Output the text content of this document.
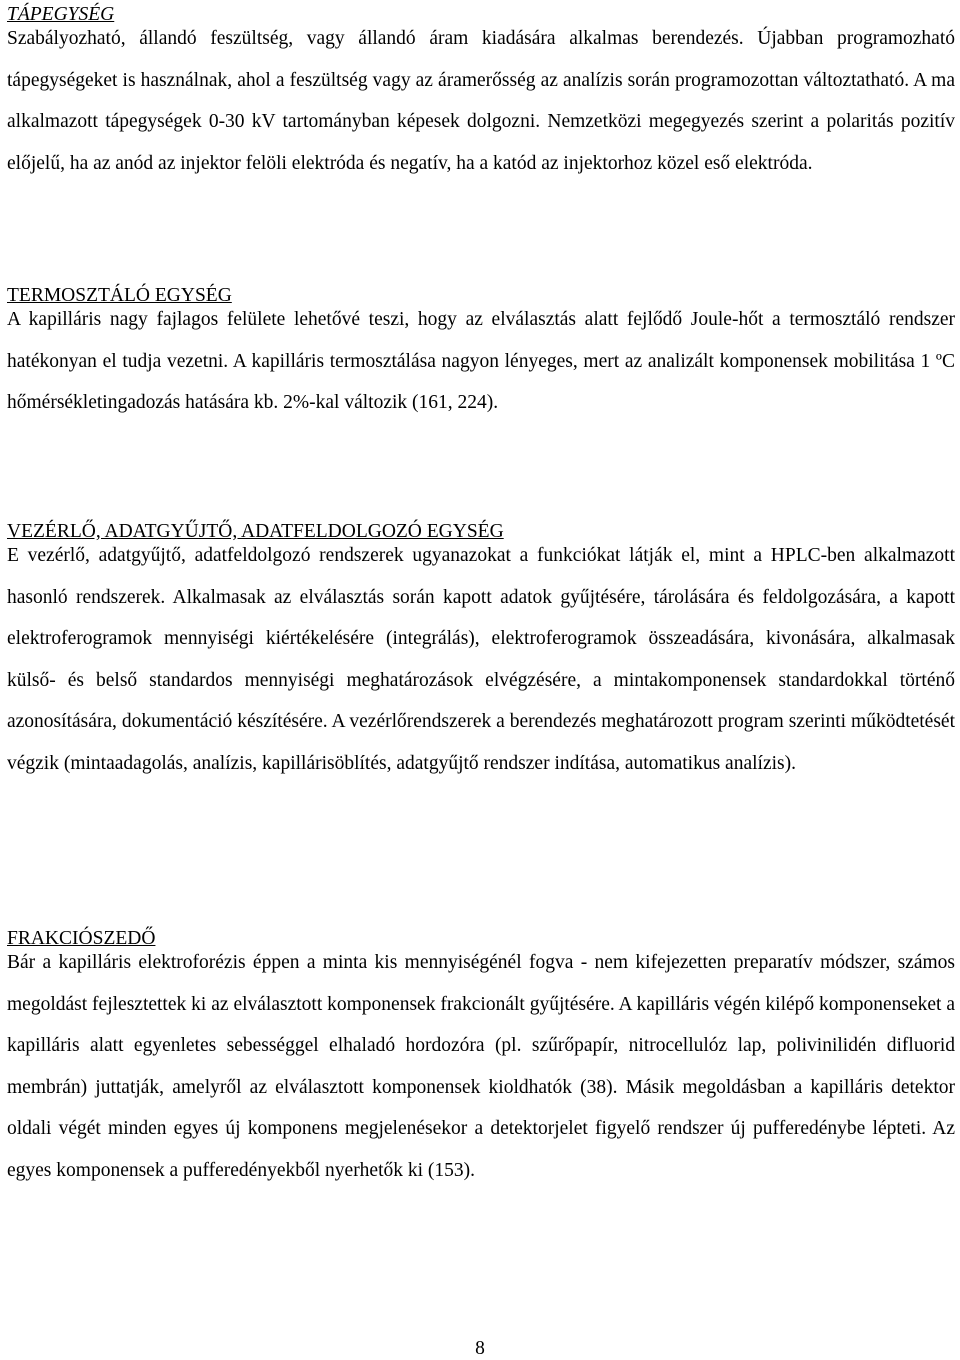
TÁPEGYSÉG

Szabályozható, állandó feszültség, vagy állandó áram kiadására alkalmas berendezés. Újabban programozható tápegységeket is használnak, ahol a feszültség vagy az áramerősség az analízis során programozottan változtatható. A ma alkalmazott tápegységek 0-30 kV tartományban képesek dolgozni. Nemzetközi megegyezés szerint a polaritás pozitív előjelű, ha az anód az injektor felöli elektróda és negatív, ha a katód az injektorhoz közel eső elektróda.

TERMOSZTÁLÓ EGYSÉG

A kapilláris nagy fajlagos felülete lehetővé teszi, hogy az elválasztás alatt fejlődő Joule-hőt a termosztáló rendszer hatékonyan el tudja vezetni. A kapilláris termosztálása nagyon lényeges, mert az analizált komponensek mobilitása 1 ºC hőmérsékletingadozás hatására kb. 2%-kal változik (161, 224).

VEZÉRLŐ, ADATGYŰJTŐ, ADATFELDOLGOZÓ EGYSÉG

E vezérlő, adatgyűjtő, adatfeldolgozó rendszerek ugyanazokat a funkciókat látják el, mint a HPLC-ben alkalmazott hasonló rendszerek. Alkalmasak az elválasztás során kapott adatok gyűjtésére, tárolására és feldolgozására, a kapott elektroferogramok mennyiségi kiértékelésére (integrálás), elektroferogramok összeadására, kivonására, alkalmasak külső- és belső standardos mennyiségi meghatározások elvégzésére, a mintakomponensek standardokkal történő azonosítására, dokumentáció készítésére. A vezérlőrendszerek a berendezés meghatározott program szerinti működtetését végzik (mintaadagolás, analízis, kapillárisöblítés, adatgyűjtő rendszer indítása, automatikus analízis).

FRAKCIÓSZEDŐ

Bár a kapilláris elektroforézis éppen a minta kis mennyiségénél fogva - nem kifejezetten preparatív módszer, számos megoldást fejlesztettek ki az elválasztott komponensek frakcionált gyűjtésére. A kapilláris végén kilépő komponenseket a kapilláris alatt egyenletes sebességgel elhaladó hordozóra (pl. szűrőpapír, nitrocellulóz lap, polivinilidén difluorid membrán) juttatják, amelyről az elválasztott komponensek kioldhatók (38). Másik megoldásban a kapilláris detektor oldali végét minden egyes új komponens megjelenésekor a detektorjelet figyelő rendszer új pufferedénybe lépteti. Az egyes komponensek a pufferedényekből nyerhetők ki (153).

8
